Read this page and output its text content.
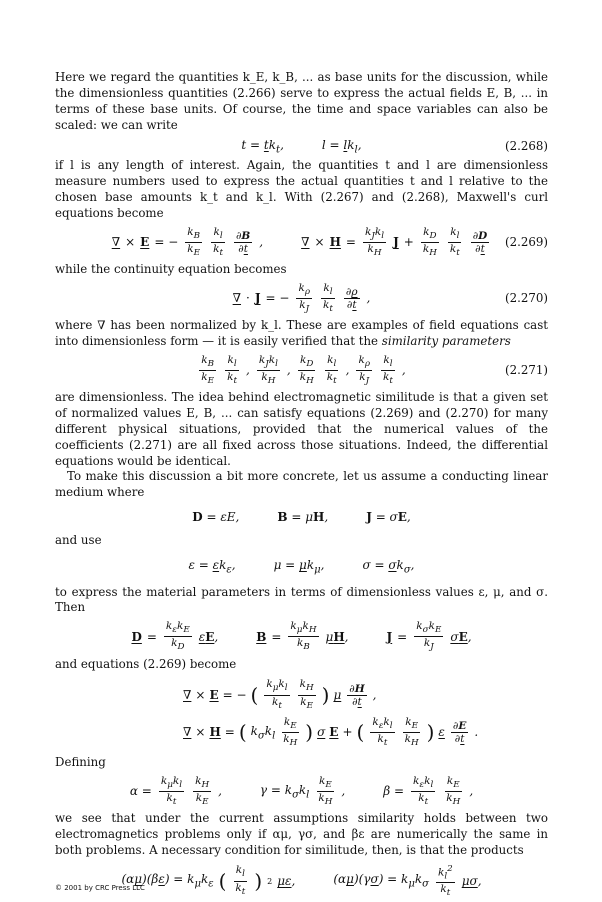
Here we regard the quantities k_E, k_B, ... as base units for the discussion, while the dimensionless quantities (2.266) serve to express the actual fields E, B, ... in terms of these base units. Of course, the time and space variables can also be scaled: we can write

$t = tk_t$,	$l = lk_l$,	(2.268)

if l is any length of interest. Again, the quantities t and l are dimensionless measure numbers used to express the actual quantities t and l relative to the chosen base amounts k_t and k_l. With (2.267) and (2.268), Maxwell's curl equations become

∇ × E = − $\frac{k_B}{k_E} \frac{k_l}{k_t} \frac{\partial B}{\partial t}$ ,	∇ × $H = \frac{k_Jk_l}{k_H}$ $J + \frac{k_D}{k_H} \frac{k_l}{k_t} \frac{\partial D}{\partial t} (2.269)$

while the continuity equation becomes

∇ · J = − $\frac{k_\rho}{k_J} \frac{k_l}{k_t} \frac{\partial\rho}{\partial t}$ ,	(2.270)

where ∇ has been normalized by k_l. These are examples of field equations cast into dimensionless form — it is easily verified that the similarity parameters

$\frac{k_B}{k_E} \frac{k_l}{k_t}$ , $\frac{k_Jk_l}{k_H}$ , $\frac{k_D}{k_H} \frac{k_l}{k_t}$ , $\frac{k_\rho}{k_J} \frac{k_l}{k_t}$ ,	(2.271)

are dimensionless. The idea behind electromagnetic similitude is that a given set of normalized values E, B, ... can satisfy equations (2.269) and (2.270) for many different physical situations, provided that the numerical values of the coefficients (2.271) are all fixed across those situations. Indeed, the differential equations would be identical.

To make this discussion a bit more concrete, let us assume a conducting linear medium where

D = εE,	B = μH,	J = σE,

and use

$\varepsilon = \varepsilon k_\varepsilon$,	$\mu = \mu k_\mu$,	$\sigma = \sigma k_\sigma$,

to express the material parameters in terms of dimensionless values ε, μ, and σ. Then

$D = \frac{k_\varepsilon k_E}{k_D} \varepsilon E$,	$B = \frac{k_\mu k_H}{k_B} \mu H$,	$J = \frac{k_\sigma k_E}{k_J} \sigma E$,

and equations (2.269) become

∇ × E = − ( $\frac{k_\mu k_l}{k_t} \frac{k_H}{k_E}$ ) μ $\frac{\partial H}{\partial t}$ ,
∇ × H = ( $k_\sigma k_l \frac{k_E}{k_H}$ ) σ E + ( $\frac{k_\varepsilon k_l}{k_t} \frac{k_E}{k_H}$ ) ε $\frac{\partial E}{\partial t}$ .

Defining

$\alpha = \frac{k_\mu k_l}{k_t} \frac{k_H}{k_E}$ ,	$\gamma = k_\sigma k_l \frac{k_E}{k_H}$ ,	$\beta = \frac{k_\varepsilon k_l}{k_t} \frac{k_E}{k_H}$ ,

we see that under the current assumptions similarity holds between two electromagnetics problems only if αμ, γσ, and βε are numerically the same in both problems. A necessary condition for similitude, then, is that the products

$(\alpha\mu)(\beta\varepsilon) = k_\mu k_\varepsilon$ ( $\frac{k_l}{k_t}$ ) 2 με,	$(\alpha\mu)(\gamma\sigma) = k_\mu k_\sigma \frac{k_l^2}{k_t} \mu\sigma$,
© 2001 by CRC Press LLC
